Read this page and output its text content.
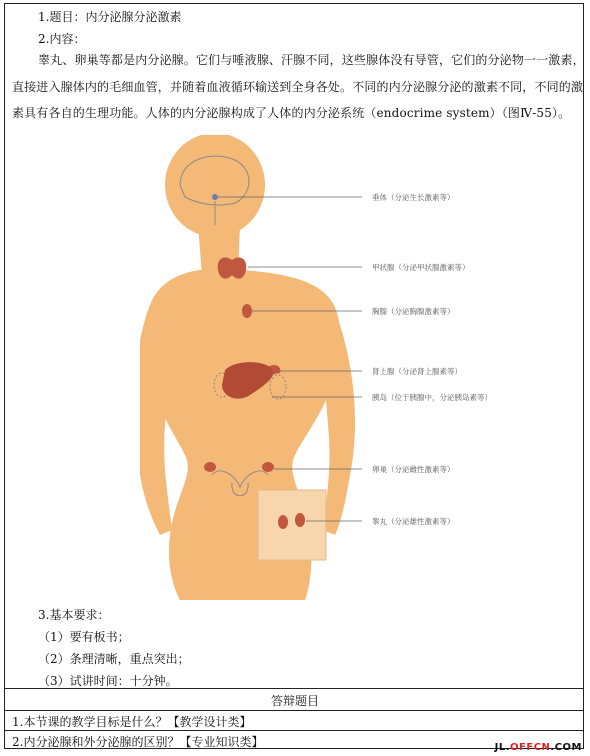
1.题目：内分泌腺分泌激素
2.内容：
睾丸、卵巢等都是内分泌腺。它们与唾液腺、汗腺不同，这些腺体没有导管，它们的分泌物一一激素，
直接进入腺体内的毛细血管，并随着血液循环输送到全身各处。不同的内分泌腺分泌的激素不同，不同的激
素具有各自的生理功能。人体的内分泌腺构成了人体的内分泌系统（endocrime system）（图Ⅳ-55）。
垂体（分泌生长激素等）
甲状腺（分泌甲状腺激素等）
胸腺（分泌胸腺激素等）
肾上腺（分泌肾上腺素等）
胰岛（位于胰腺中，分泌胰岛素等）
卵巢（分泌雌性激素等）
睾丸（分泌雄性激素等）
3.基本要求：
（1）要有板书；
（2）条理清晰，重点突出；
（3）试讲时间：十分钟。
答辩题目
1.本节课的教学目标是什么？【教学设计类】
2.内分泌腺和外分泌腺的区别？【专业知识类】	JL.OFFCN.COM
